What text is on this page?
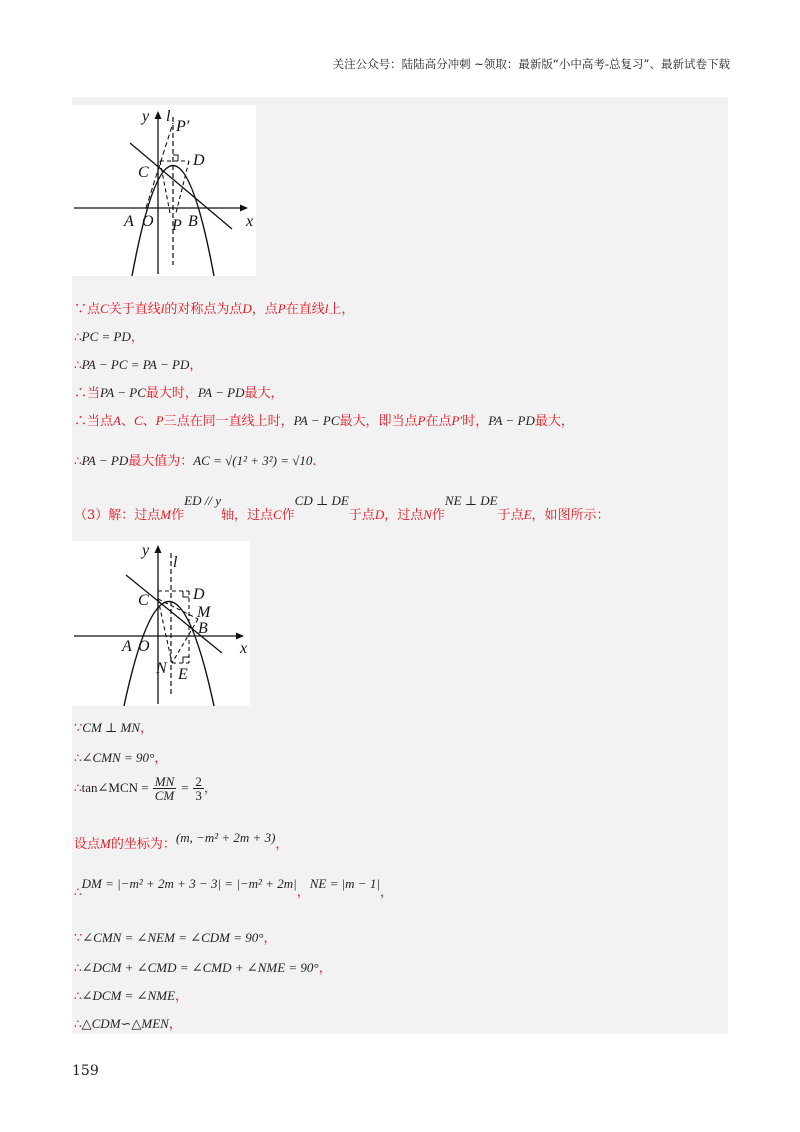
关注公众号：陆陆高分冲刺 ~领取：最新版“小中高考-总复习”、最新试卷下载
y l
P′
D
C
A O P B	x
∵点C关于直线l的对称点为点D，点P在直线l上，
∴PC = PD，
∴PA − PC = PA − PD，
∴当PA − PC最大时，PA − PD最大，
∴当点A、C、P三点在同一直线上时，PA − PC最大，即当点P在点P′时，PA − PD最大，
∴PA − PD最大值为：AC = √(1² + 3²) = √10.
（3）解：过点M作ED // y轴，过点C作CD ⊥ DE于点D，过点N作NE ⊥ DE于点E，如图所示：
y
l
D
C
M
B
A O	x
N E
∵CM ⊥ MN，
∴∠CMN = 90°，
∴tan∠MCN = $\frac{MN}{CM} = \frac{2}{3}$ ，
设点M的坐标为：(m, −m² + 2m + 3)，
∴DM = |−m² + 2m + 3 − 3| = |−m² + 2m|，NE = |m − 1|，
∵∠CMN = ∠NEM = ∠CDM = 90°，
∴∠DCM + ∠CMD = ∠CMD + ∠NME = 90°，
∴∠DCM = ∠NME，
∴△CDM∽△MEN，
159
